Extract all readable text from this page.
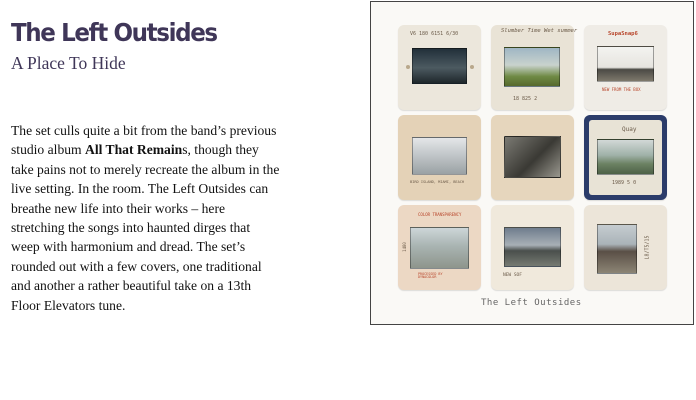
The Left Outsides
A Place To Hide

The set culls quite a bit from the band’s previous studio album All That Remains, though they take pains not to merely recreate the album in the live setting. In the room. The Left Outsides can breathe new life into their works – here stretching the songs into haunted dirges that weep with harmonium and dread. The set’s rounded out with a few covers, one traditional and another a rather beautiful take on a 13th Floor Elevators tune.

V6 180 6151 6/30	Slumber Time Wet summer
18 825 2
SupaSnap6
NEW FROM THE BOX
BIRD ISLAND, MIAMI, BEACH
Quay
1989 5 0
COLOR TRANSPARENCY
PROCESSED BY DYNACOLOR
1480
NEW SOF
L8/T5/15
The Left Outsides
